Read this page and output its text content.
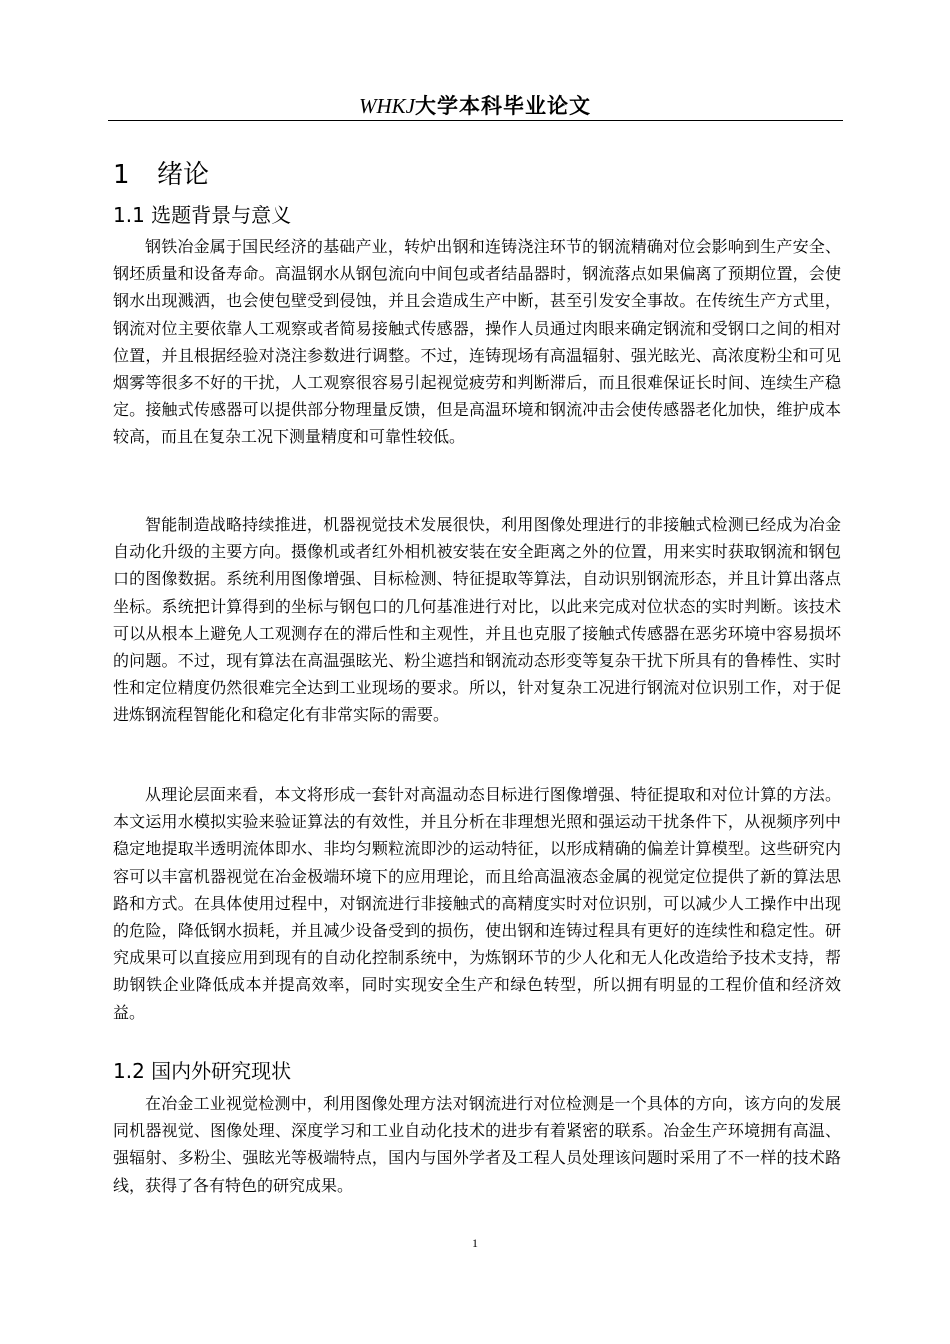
WHKJ大学本科毕业论文
1 绪论
1.1 选题背景与意义
钢铁冶金属于国民经济的基础产业，转炉出钢和连铸浇注环节的钢流精确对位会影响到生产安全、钢坯质量和设备寿命。高温钢水从钢包流向中间包或者结晶器时，钢流落点如果偏离了预期位置，会使钢水出现溅洒，也会使包壁受到侵蚀，并且会造成生产中断，甚至引发安全事故。在传统生产方式里，钢流对位主要依靠人工观察或者简易接触式传感器，操作人员通过肉眼来确定钢流和受钢口之间的相对位置，并且根据经验对浇注参数进行调整。不过，连铸现场有高温辐射、强光眩光、高浓度粉尘和可见烟雾等很多不好的干扰，人工观察很容易引起视觉疲劳和判断滞后，而且很难保证长时间、连续生产稳定。接触式传感器可以提供部分物理量反馈，但是高温环境和钢流冲击会使传感器老化加快，维护成本较高，而且在复杂工况下测量精度和可靠性较低。
智能制造战略持续推进，机器视觉技术发展很快，利用图像处理进行的非接触式检测已经成为冶金自动化升级的主要方向。摄像机或者红外相机被安装在安全距离之外的位置，用来实时获取钢流和钢包口的图像数据。系统利用图像增强、目标检测、特征提取等算法，自动识别钢流形态，并且计算出落点坐标。系统把计算得到的坐标与钢包口的几何基准进行对比，以此来完成对位状态的实时判断。该技术可以从根本上避免人工观测存在的滞后性和主观性，并且也克服了接触式传感器在恶劣环境中容易损坏的问题。不过，现有算法在高温强眩光、粉尘遮挡和钢流动态形变等复杂干扰下所具有的鲁棒性、实时性和定位精度仍然很难完全达到工业现场的要求。所以，针对复杂工况进行钢流对位识别工作，对于促进炼钢流程智能化和稳定化有非常实际的需要。
从理论层面来看，本文将形成一套针对高温动态目标进行图像增强、特征提取和对位计算的方法。本文运用水模拟实验来验证算法的有效性，并且分析在非理想光照和强运动干扰条件下，从视频序列中稳定地提取半透明流体即水、非均匀颗粒流即沙的运动特征，以形成精确的偏差计算模型。这些研究内容可以丰富机器视觉在冶金极端环境下的应用理论，而且给高温液态金属的视觉定位提供了新的算法思路和方式。在具体使用过程中，对钢流进行非接触式的高精度实时对位识别，可以减少人工操作中出现的危险，降低钢水损耗，并且减少设备受到的损伤，使出钢和连铸过程具有更好的连续性和稳定性。研究成果可以直接应用到现有的自动化控制系统中，为炼钢环节的少人化和无人化改造给予技术支持，帮助钢铁企业降低成本并提高效率，同时实现安全生产和绿色转型，所以拥有明显的工程价值和经济效益。
1.2 国内外研究现状
在冶金工业视觉检测中，利用图像处理方法对钢流进行对位检测是一个具体的方向，该方向的发展同机器视觉、图像处理、深度学习和工业自动化技术的进步有着紧密的联系。冶金生产环境拥有高温、强辐射、多粉尘、强眩光等极端特点，国内与国外学者及工程人员处理该问题时采用了不一样的技术路线，获得了各有特色的研究成果。
1
